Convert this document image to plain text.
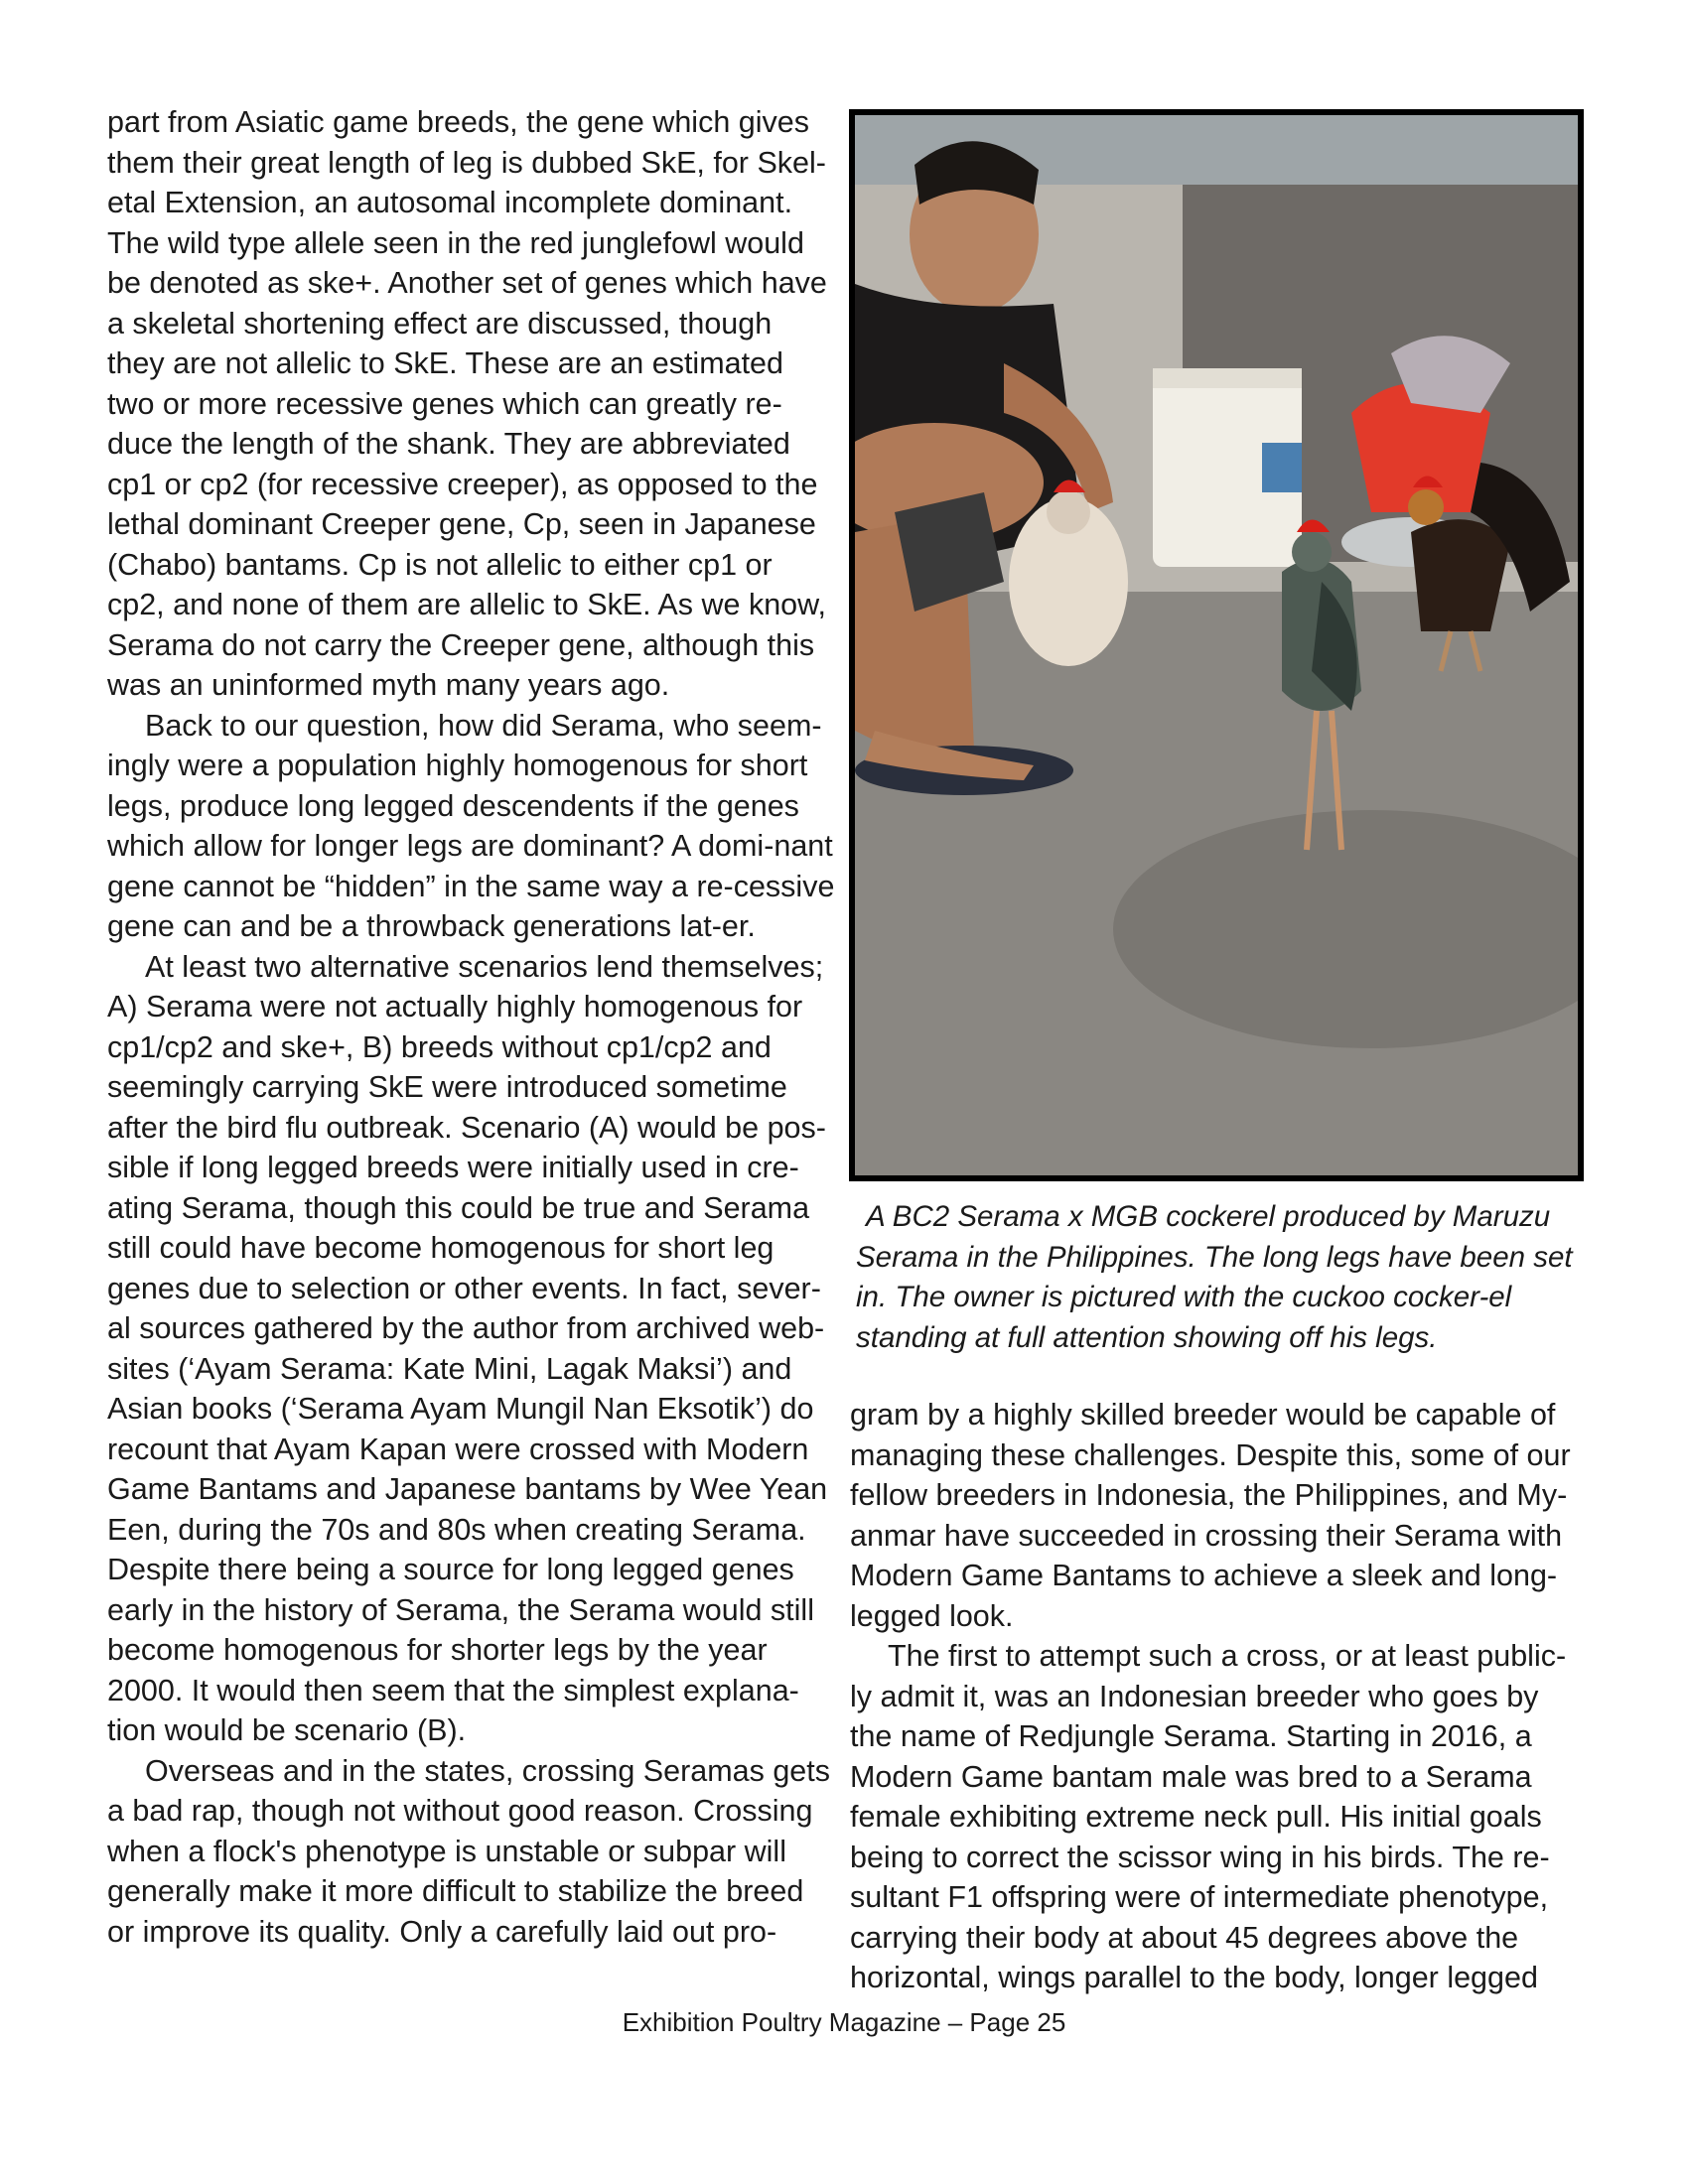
part from Asiatic game breeds, the gene which gives them their great length of leg is dubbed SkE, for Skel-etal Extension, an autosomal incomplete dominant. The wild type allele seen in the red junglefowl would be denoted as ske+. Another set of genes which have a skeletal shortening effect are discussed, though they are not allelic to SkE. These are an estimated two or more recessive genes which can greatly re-duce the length of the shank. They are abbreviated cp1 or cp2 (for recessive creeper), as opposed to the lethal dominant Creeper gene, Cp, seen in Japanese (Chabo) bantams. Cp is not allelic to either cp1 or cp2, and none of them are allelic to SkE. As we know, Serama do not carry the Creeper gene, although this was an uninformed myth many years ago.

Back to our question, how did Serama, who seem-ingly were a population highly homogenous for short legs, produce long legged descendents if the genes which allow for longer legs are dominant? A domi-nant gene cannot be “hidden” in the same way a re-cessive gene can and be a throwback generations lat-er.

At least two alternative scenarios lend themselves; A) Serama were not actually highly homogenous for cp1/cp2 and ske+, B) breeds without cp1/cp2 and seemingly carrying SkE were introduced sometime after the bird flu outbreak. Scenario (A) would be pos-sible if long legged breeds were initially used in cre-ating Serama, though this could be true and Serama still could have become homogenous for short leg genes due to selection or other events. In fact, sever-al sources gathered by the author from archived web-sites (‘Ayam Serama: Kate Mini, Lagak Maksi’) and Asian books (‘Serama Ayam Mungil Nan Eksotik’) do recount that Ayam Kapan were crossed with Modern Game Bantams and Japanese bantams by Wee Yean Een, during the 70s and 80s when creating Serama. Despite there being a source for long legged genes early in the history of Serama, the Serama would still become homogenous for shorter legs by the year 2000. It would then seem that the simplest explana-tion would be scenario (B).

Overseas and in the states, crossing Seramas gets a bad rap, though not without good reason. Crossing when a flock's phenotype is unstable or subpar will generally make it more difficult to stabilize the breed or improve its quality. Only a carefully laid out pro-

A BC2 Serama x MGB cockerel produced by Maruzu Serama in the Philippines. The long legs have been set in. The owner is pictured with the cuckoo cocker-el standing at full attention showing off his legs.

gram by a highly skilled breeder would be capable of managing these challenges. Despite this, some of our fellow breeders in Indonesia, the Philippines, and My-anmar have succeeded in crossing their Serama with Modern Game Bantams to achieve a sleek and long-legged look.

The first to attempt such a cross, or at least public-ly admit it, was an Indonesian breeder who goes by the name of Redjungle Serama. Starting in 2016, a Modern Game bantam male was bred to a Serama female exhibiting extreme neck pull. His initial goals being to correct the scissor wing in his birds. The re-sultant F1 offspring were of intermediate phenotype, carrying their body at about 45 degrees above the horizontal, wings parallel to the body, longer legged

Exhibition Poultry Magazine – Page 25
